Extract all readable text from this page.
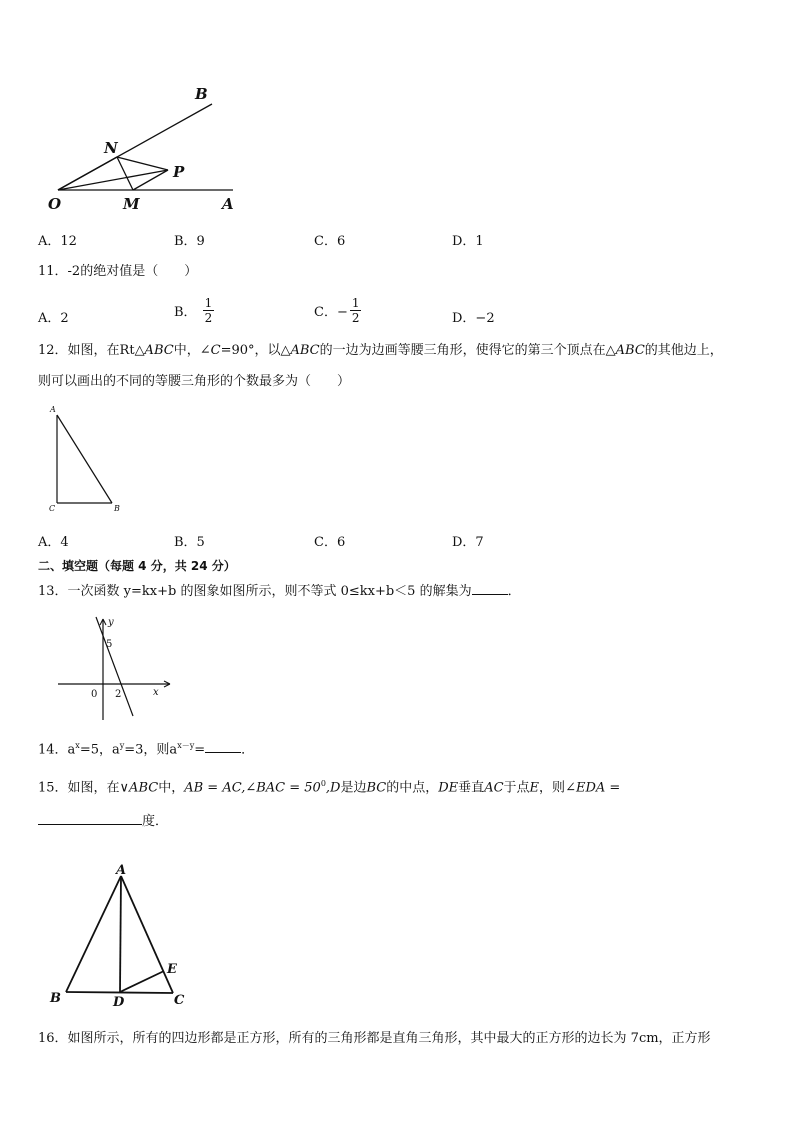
B
N
P
O	M	A
A．12	B．9	C．6	D．1
11．-2的绝对值是（　　）
A．2	B． $\frac{1}{2}$	C．− $\frac{1}{2}$	D．−2
12．如图，在Rt△ABC中，∠C=90°，以△ABC的一边为边画等腰三角形，使得它的第三个顶点在△ABC的其他边上，
则可以画出的不同的等腰三角形的个数最多为（　　）
A
C	B
A．4	B．5	C．6	D．7
二、填空题（每题 4 分，共 24 分）
13．一次函数 y=kx+b 的图象如图所示，则不等式 0≤kx+b＜5 的解集为	．
y
x
5
0 2
14．$a^x=5$，$a^y=3$，则$a^{x-y}=$	．
15．如图，在∨ABC中，AB = AC,∠BAC = $50^0,D$是边BC的中点，DE垂直AC于点E，则∠EDA =
度．
A
B	C
D
E
16．如图所示，所有的四边形都是正方形，所有的三角形都是直角三角形，其中最大的正方形的边长为 7cm，正方形
